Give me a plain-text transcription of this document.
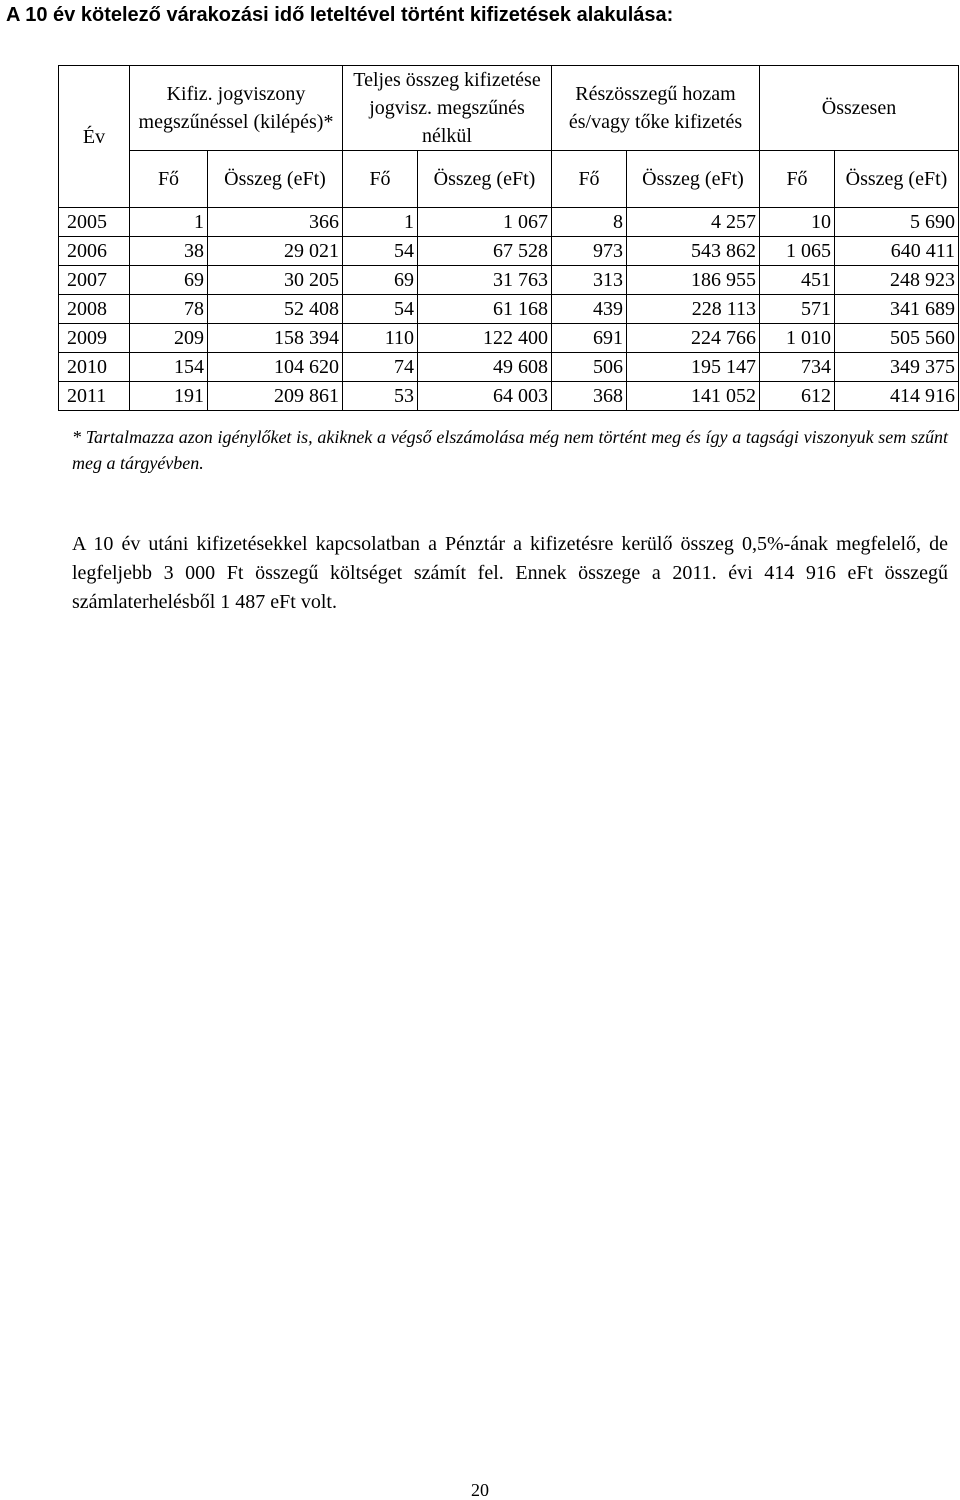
A 10 év kötelező várakozási idő leteltével történt kifizetések alakulása:
Év	Kifiz. jogviszony megszűnéssel (kilépés)*		Teljes összeg kifizetése jogvisz. megszűnés nélkül		Részösszegű hozam és/vagy tőke kifizetés		Összesen	
	Fő	Összeg (eFt)	Fő	Összeg (eFt)	Fő	Összeg (eFt)	Fő	Összeg (eFt)
2005	1	366	1	1 067	8	4 257	10	5 690
2006	38	29 021	54	67 528	973	543 862	1 065	640 411
2007	69	30 205	69	31 763	313	186 955	451	248 923
2008	78	52 408	54	61 168	439	228 113	571	341 689
2009	209	158 394	110	122 400	691	224 766	1 010	505 560
2010	154	104 620	74	49 608	506	195 147	734	349 375
2011	191	209 861	53	64 003	368	141 052	612	414 916

* Tartalmazza azon igénylőket is, akiknek a végső elszámolása még nem történt meg és így a tagsági viszonyuk sem szűnt meg a tárgyévben.

A 10 év utáni kifizetésekkel kapcsolatban a Pénztár a kifizetésre kerülő összeg 0,5%-ának megfelelő, de legfeljebb 3 000 Ft összegű költséget számít fel. Ennek összege a 2011. évi 414 916 eFt összegű számlaterhelésből 1 487 eFt volt.

20
